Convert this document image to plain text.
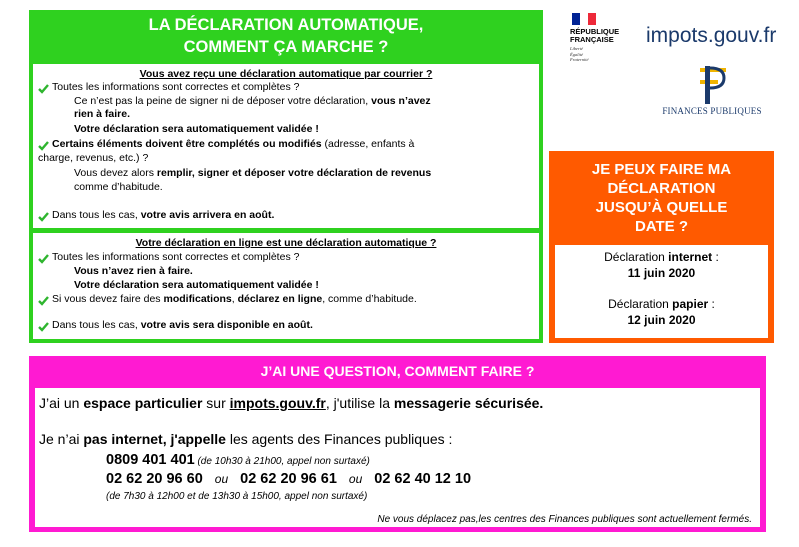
RÉPUBLIQUE
FRANÇAISE
Liberté
Égalité
Fraternité
impots.gouv.fr
FINANCES PUBLIQUES
LA DÉCLARATION AUTOMATIQUE,
COMMENT ÇA MARCHE ?
Vous avez reçu une déclaration automatique par courrier ?
Toutes les informations sont correctes et complètes ?
Ce n’est pas la peine de signer ni de déposer votre déclaration, vous n’avez
rien à faire.
Votre déclaration sera automatiquement validée !
Certains éléments doivent être complétés ou modifiés (adresse, enfants à
charge, revenus, etc.) ?
Vous devez alors remplir, signer et déposer votre déclaration de revenus
comme d’habitude.
Dans tous les cas, votre avis arrivera en août.
Votre déclaration en ligne est une déclaration automatique ?
Toutes les informations sont correctes et complètes ?
Vous n’avez rien à faire.
Votre déclaration sera automatiquement validée !
Si vous devez faire des modifications, déclarez en ligne, comme d’habitude.
Dans tous les cas, votre avis sera disponible en août.
JE PEUX FAIRE MA
DÉCLARATION
JUSQU’À QUELLE
DATE ?
Déclaration internet :
11 juin 2020
Déclaration papier :
12 juin 2020
J’AI UNE QUESTION, COMMENT FAIRE ?
J’ai un espace particulier sur impots.gouv.fr, j'utilise la messagerie sécurisée.
Je n’ai pas internet, j'appelle les agents des Finances publiques :
0809 401 401 (de 10h30 à 21h00, appel non surtaxé)
02 62 20 96 60 ou 02 62 20 96 61 ou 02 62 40 12 10
(de 7h30 à 12h00 et de 13h30 à 15h00, appel non surtaxé)
Ne vous déplacez pas,les centres des Finances publiques sont actuellement fermés.
